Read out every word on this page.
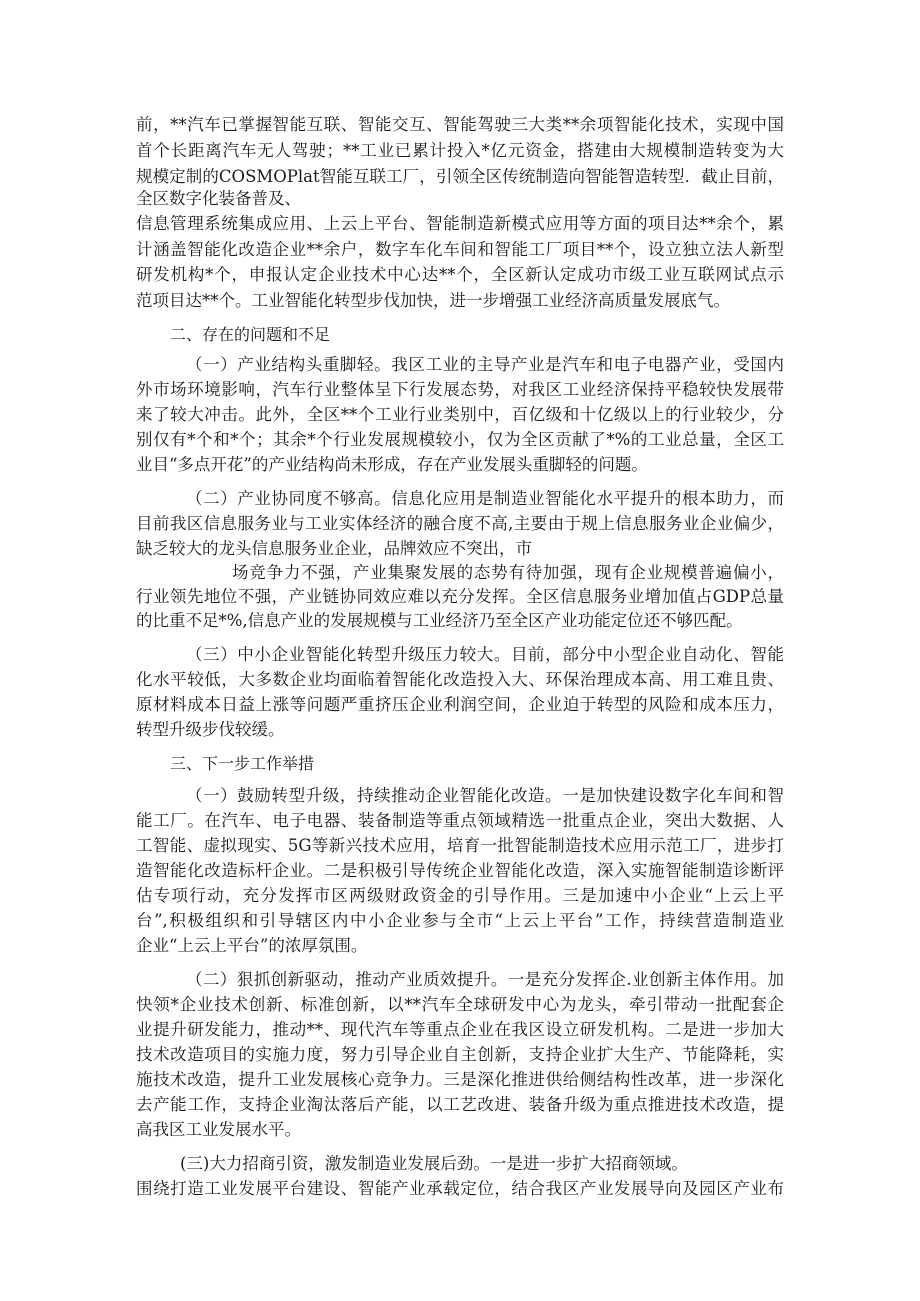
前，**汽车已掌握智能互联、智能交互、智能驾驶三大类**余项智能化技术，实现中国

首个长距离汽车无人驾驶；**工业已累计投入*亿元资金，搭建由大规模制造转变为大

规模定制的COSMOPlat智能互联工厂，引领全区传统制造向智能智造转型．截止目前，

全区数字化装备普及、

信息管理系统集成应用、上云上平台、智能制造新模式应用等方面的项目达**余个，累

计涵盖智能化改造企业**余户，数字车化车间和智能工厂项目**个，设立独立法人新型

研发机构*个，申报认定企业技术中心达**个，全区新认定成功市级工业互联网试点示

范项目达**个。工业智能化转型步伐加快，进一步增强工业经济高质量发展底气。

二、存在的问题和不足

（一）产业结构头重脚轻。我区工业的主导产业是汽车和电子电器产业，受国内

外市场环境影响，汽车行业整体呈下行发展态势，对我区工业经济保持平稳较快发展带

来了较大冲击。此外，全区**个工业行业类别中，百亿级和十亿级以上的行业较少，分

别仅有*个和*个；其余*个行业发展规模较小，仅为全区贡献了*%的工业总量，全区工

业目“多点开花”的产业结构尚未形成，存在产业发展头重脚轻的问题。

（二）产业协同度不够高。信息化应用是制造业智能化水平提升的根本助力，而

目前我区信息服务业与工业实体经济的融合度不高,主要由于规上信息服务业企业偏少，

缺乏较大的龙头信息服务业企业，品牌效应不突出，市

场竞争力不强，产业集聚发展的态势有待加强，现有企业规模普遍偏小，

行业领先地位不强，产业链协同效应难以充分发挥。全区信息服务业增加值占GDP总量

的比重不足*%,信息产业的发展规模与工业经济乃至全区产业功能定位还不够匹配。

（三）中小企业智能化转型升级压力较大。目前，部分中小型企业自动化、智能

化水平较低，大多数企业均面临着智能化改造投入大、环保治理成本高、用工难且贵、

原材料成本日益上涨等问题严重挤压企业利润空间，企业迫于转型的风险和成本压力，

转型升级步伐较缓。

三、下一步工作举措

（一）鼓励转型升级，持续推动企业智能化改造。一是加快建设数字化车间和智

能工厂。在汽车、电子电器、装备制造等重点领域精选一批重点企业，突出大数据、人

工智能、虚拟现实、5G等新兴技术应用，培育一批智能制造技术应用示范工厂，进步打

造智能化改造标杆企业。二是积极引导传统企业智能化改造，深入实施智能制造诊断评

估专项行动，充分发挥市区两级财政资金的引导作用。三是加速中小企业“上云上平

台”,积极组织和引导辖区内中小企业参与全市“上云上平台”工作，持续营造制造业

企业“上云上平台”的浓厚氛围。

（二）狠抓创新驱动，推动产业质效提升。一是充分发挥企.业创新主体作用。加

快领*企业技术创新、标准创新，以**汽车全球研发中心为龙头，牵引带动一批配套企

业提升研发能力，推动**、现代汽车等重点企业在我区设立研发机构。二是进一步加大

技术改造项目的实施力度，努力引导企业自主创新，支持企业扩大生产、节能降耗，实

施技术改造，提升工业发展核心竞争力。三是深化推进供给侧结构性改革，进一步深化

去产能工作，支持企业淘汰落后产能，以工艺改进、装备升级为重点推进技术改造，提

高我区工业发展水平。

(三)大力招商引资，激发制造业发展后劲。一是进一步扩大招商领域。

围绕打造工业发展平台建设、智能产业承载定位，结合我区产业发展导向及园区产业布
